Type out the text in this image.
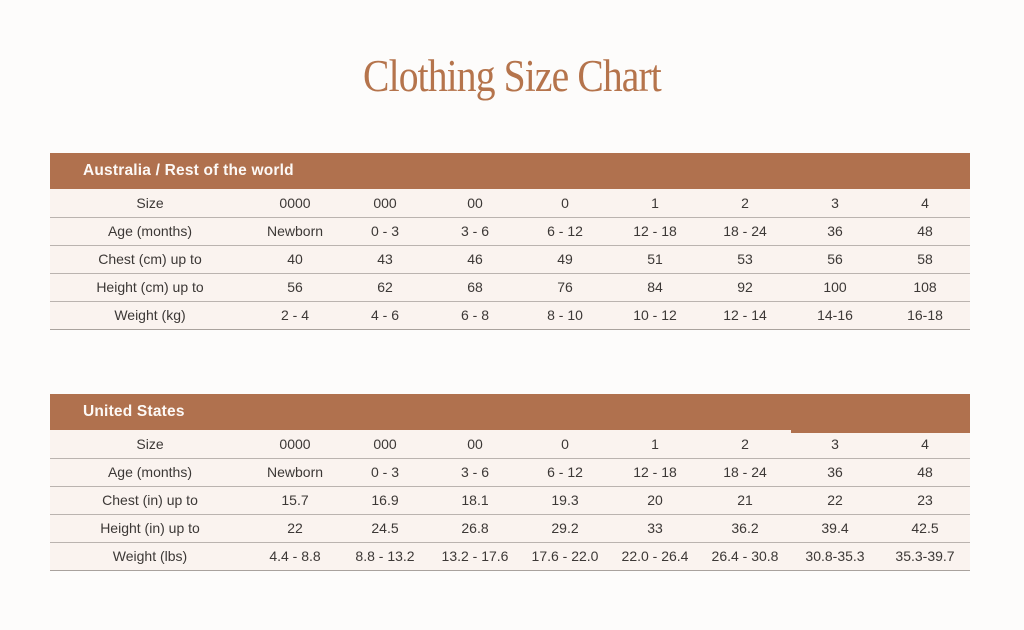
Clothing Size Chart
Australia / Rest of the world
Size	0000	000	00	0	1	2	3	4
Age (months)	Newborn	0 - 3	3 - 6	6 - 12	12 - 18	18 - 24	36	48
Chest (cm) up to	40	43	46	49	51	53	56	58
Height (cm) up to	56	62	68	76	84	92	100	108
Weight (kg)	2 - 4	4 - 6	6 - 8	8 - 10	10 - 12	12 - 14	14-16	16-18
United States
Size	0000	000	00	0	1	2	3	4
Age (months)	Newborn	0 - 3	3 - 6	6 - 12	12 - 18	18 - 24	36	48
Chest (in) up to	15.7	16.9	18.1	19.3	20	21	22	23
Height (in) up to	22	24.5	26.8	29.2	33	36.2	39.4	42.5
Weight (lbs)	4.4 - 8.8	8.8 - 13.2	13.2 - 17.6	17.6 - 22.0	22.0 - 26.4	26.4 - 30.8	30.8-35.3	35.3-39.7
